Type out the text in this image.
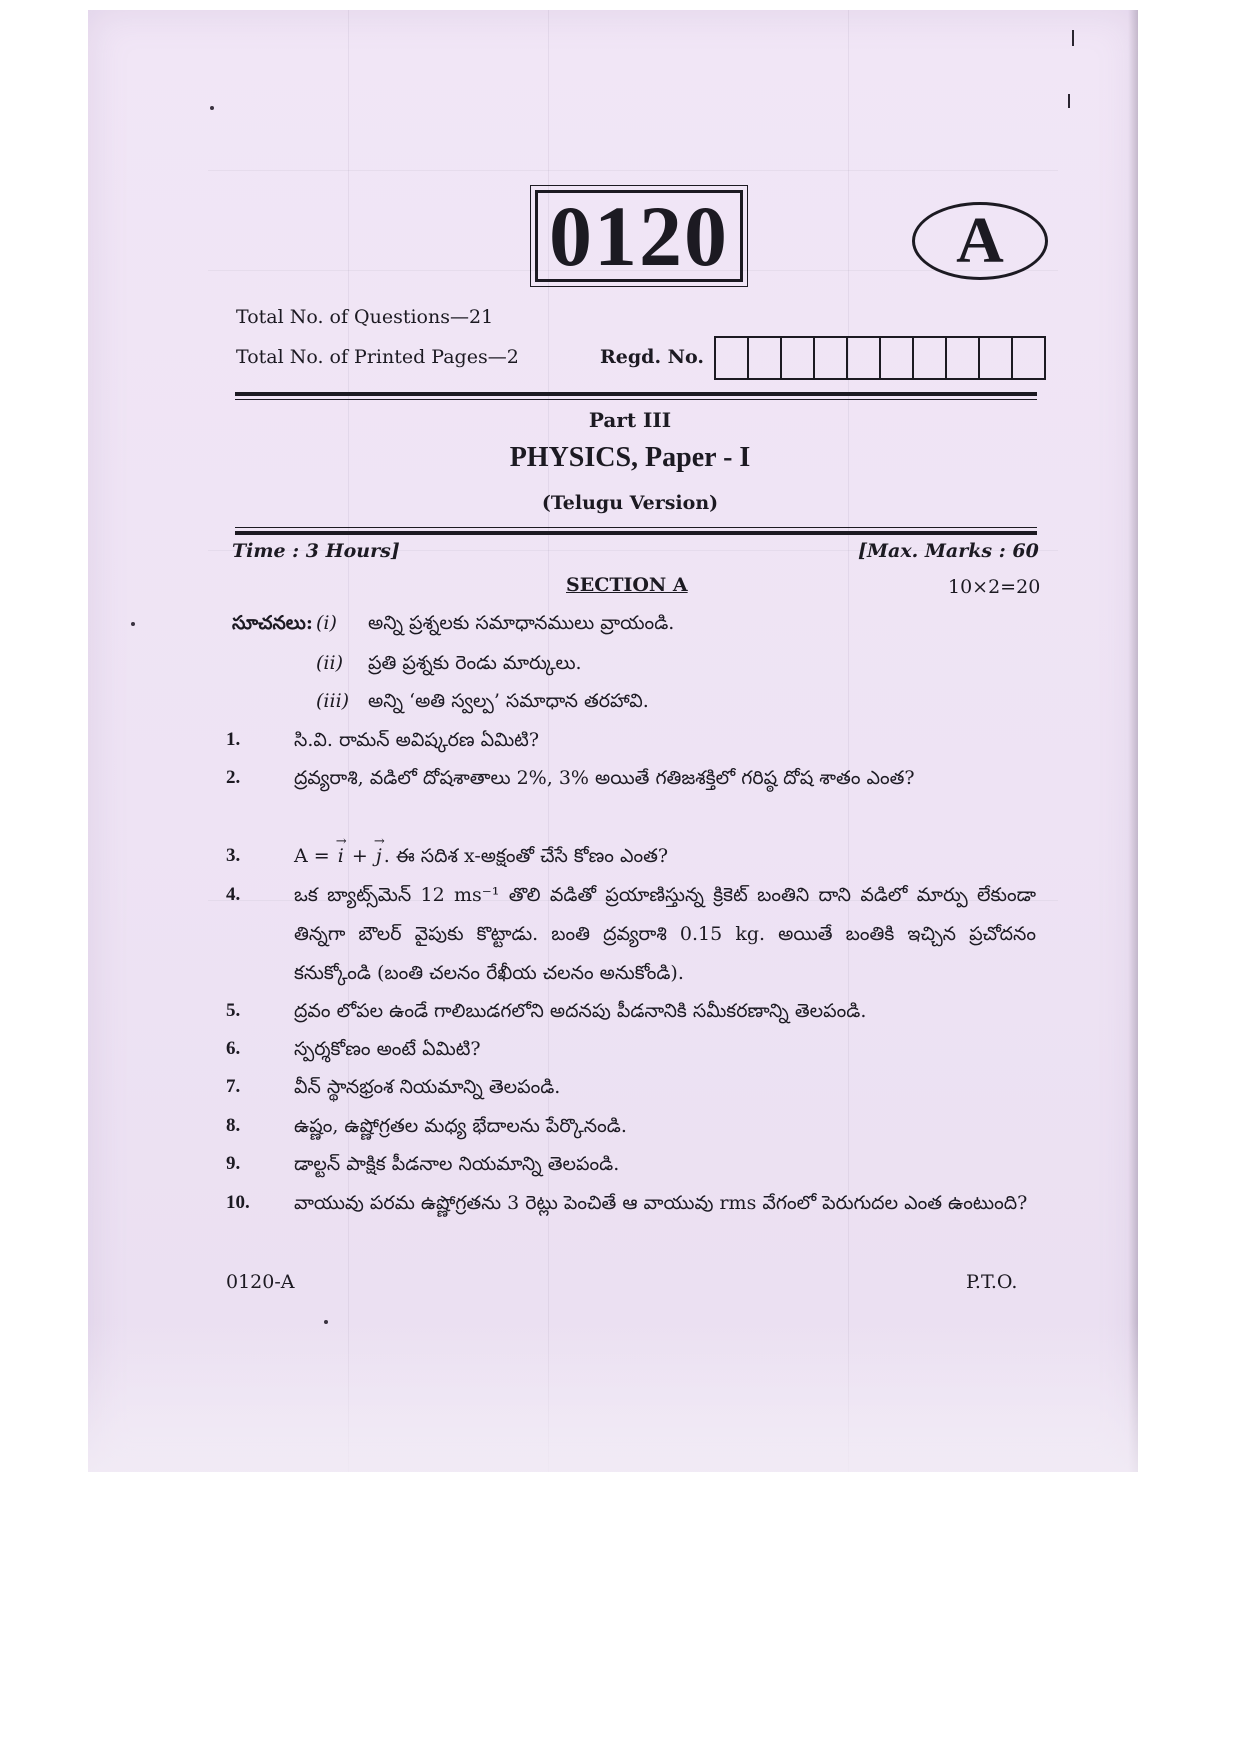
0120	A
Total No. of Questions—21
Total No. of Printed Pages—2	Regd. No.
Part III
PHYSICS, Paper - I
(Telugu Version)
Time : 3 Hours]	[Max. Marks : 60
SECTION A	10×2=20
సూచనలు: (i) అన్ని ప్రశ్నలకు సమాధానములు వ్రాయండి.
(ii) ప్రతి ప్రశ్నకు రెండు మార్కులు.
(iii) అన్ని ‘అతి స్వల్ప’ సమాధాన తరహావి.
1.	సి.వి. రామన్ అవిష్కరణ ఏమిటి?
2.	ద్రవ్యరాశి, వడిలో దోషశాతాలు 2%, 3% అయితే గతిజశక్తిలో గరిష్ఠ దోష శాతం ఎంత?
3.	A = → i + → j . ఈ సదిశ x-అక్షంతో చేసే కోణం ఎంత?
4.	ఒక బ్యాట్స్‌మెన్ 12 ms⁻¹ తొలి వడితో ప్రయాణిస్తున్న క్రికెట్ బంతిని దాని వడిలో మార్పు లేకుండా తిన్నగా బౌలర్ వైపుకు కొట్టాడు. బంతి ద్రవ్యరాశి 0.15 kg. అయితే బంతికి ఇచ్చిన ప్రచోదనం కనుక్కోండి (బంతి చలనం రేఖీయ చలనం అనుకోండి).
5.	ద్రవం లోపల ఉండే గాలిబుడగలోని అదనపు పీడనానికి సమీకరణాన్ని తెలపండి.
6.	స్పర్శకోణం అంటే ఏమిటి?
7.	వీన్ స్థానభ్రంశ నియమాన్ని తెలపండి.
8.	ఉష్ణం, ఉష్ణోగ్రతల మధ్య భేదాలను పేర్కొనండి.
9.	డాల్టన్ పాక్షిక పీడనాల నియమాన్ని తెలపండి.
10. వాయువు పరమ ఉష్ణోగ్రతను 3 రెట్లు పెంచితే ఆ వాయువు rms వేగంలో పెరుగుదల ఎంత ఉంటుంది?
0120-A	P.T.O.
